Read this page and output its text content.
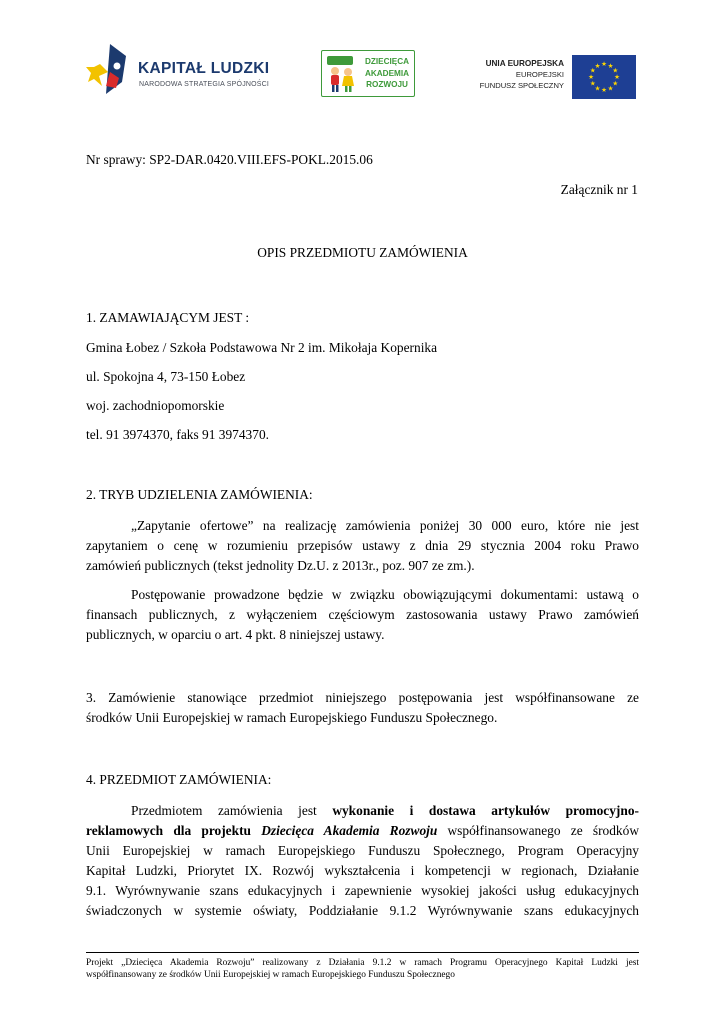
KAPITAŁ LUDZKI
NARODOWA STRATEGIA SPÓJNOŚCI
DZIECIĘCA
AKADEMIA
ROZWOJU
UNIA EUROPEJSKA
EUROPEJSKI
FUNDUSZ SPOŁECZNY
★ ★
★
★
★
★
★
★
★
★
★
★
Nr sprawy: SP2-DAR.0420.VIII.EFS-POKL.2015.06
Załącznik nr 1
OPIS PRZEDMIOTU ZAMÓWIENIA
1. ZAMAWIAJĄCYM JEST :
Gmina Łobez / Szkoła Podstawowa Nr 2 im. Mikołaja Kopernika
ul. Spokojna 4, 73-150 Łobez
woj. zachodniopomorskie
tel. 91 3974370, faks 91 3974370.
2. TRYB UDZIELENIA ZAMÓWIENIA:
„Zapytanie ofertowe” na realizację zamówienia poniżej 30 000 euro, które nie jest
zapytaniem o cenę w rozumieniu przepisów ustawy z dnia 29 stycznia 2004 roku Prawo
zamówień publicznych (tekst jednolity Dz.U. z 2013r., poz. 907 ze zm.).
Postępowanie prowadzone będzie w związku obowiązującymi dokumentami: ustawą o
finansach publicznych, z wyłączeniem częściowym zastosowania ustawy Prawo zamówień
publicznych, w oparciu o art. 4 pkt. 8 niniejszej ustawy.
3. Zamówienie stanowiące przedmiot niniejszego postępowania jest współfinansowane ze
środków Unii Europejskiej w ramach Europejskiego Funduszu Społecznego.
4. PRZEDMIOT ZAMÓWIENIA:
Przedmiotem zamówienia jest wykonanie i dostawa artykułów promocyjno-
reklamowych dla projektu Dziecięca Akademia Rozwoju współfinansowanego ze środków
Unii Europejskiej w ramach Europejskiego Funduszu Społecznego, Program Operacyjny
Kapitał Ludzki, Priorytet IX. Rozwój wykształcenia i kompetencji w regionach, Działanie
9.1. Wyrównywanie szans edukacyjnych i zapewnienie wysokiej jakości usług edukacyjnych
świadczonych w systemie oświaty, Poddziałanie 9.1.2 Wyrównywanie szans edukacyjnych
Projekt „Dziecięca Akademia Rozwoju” realizowany z Działania 9.1.2 w ramach Programu Operacyjnego Kapitał Ludzki jest
współfinansowany ze środków Unii Europejskiej w ramach Europejskiego Funduszu Społecznego
